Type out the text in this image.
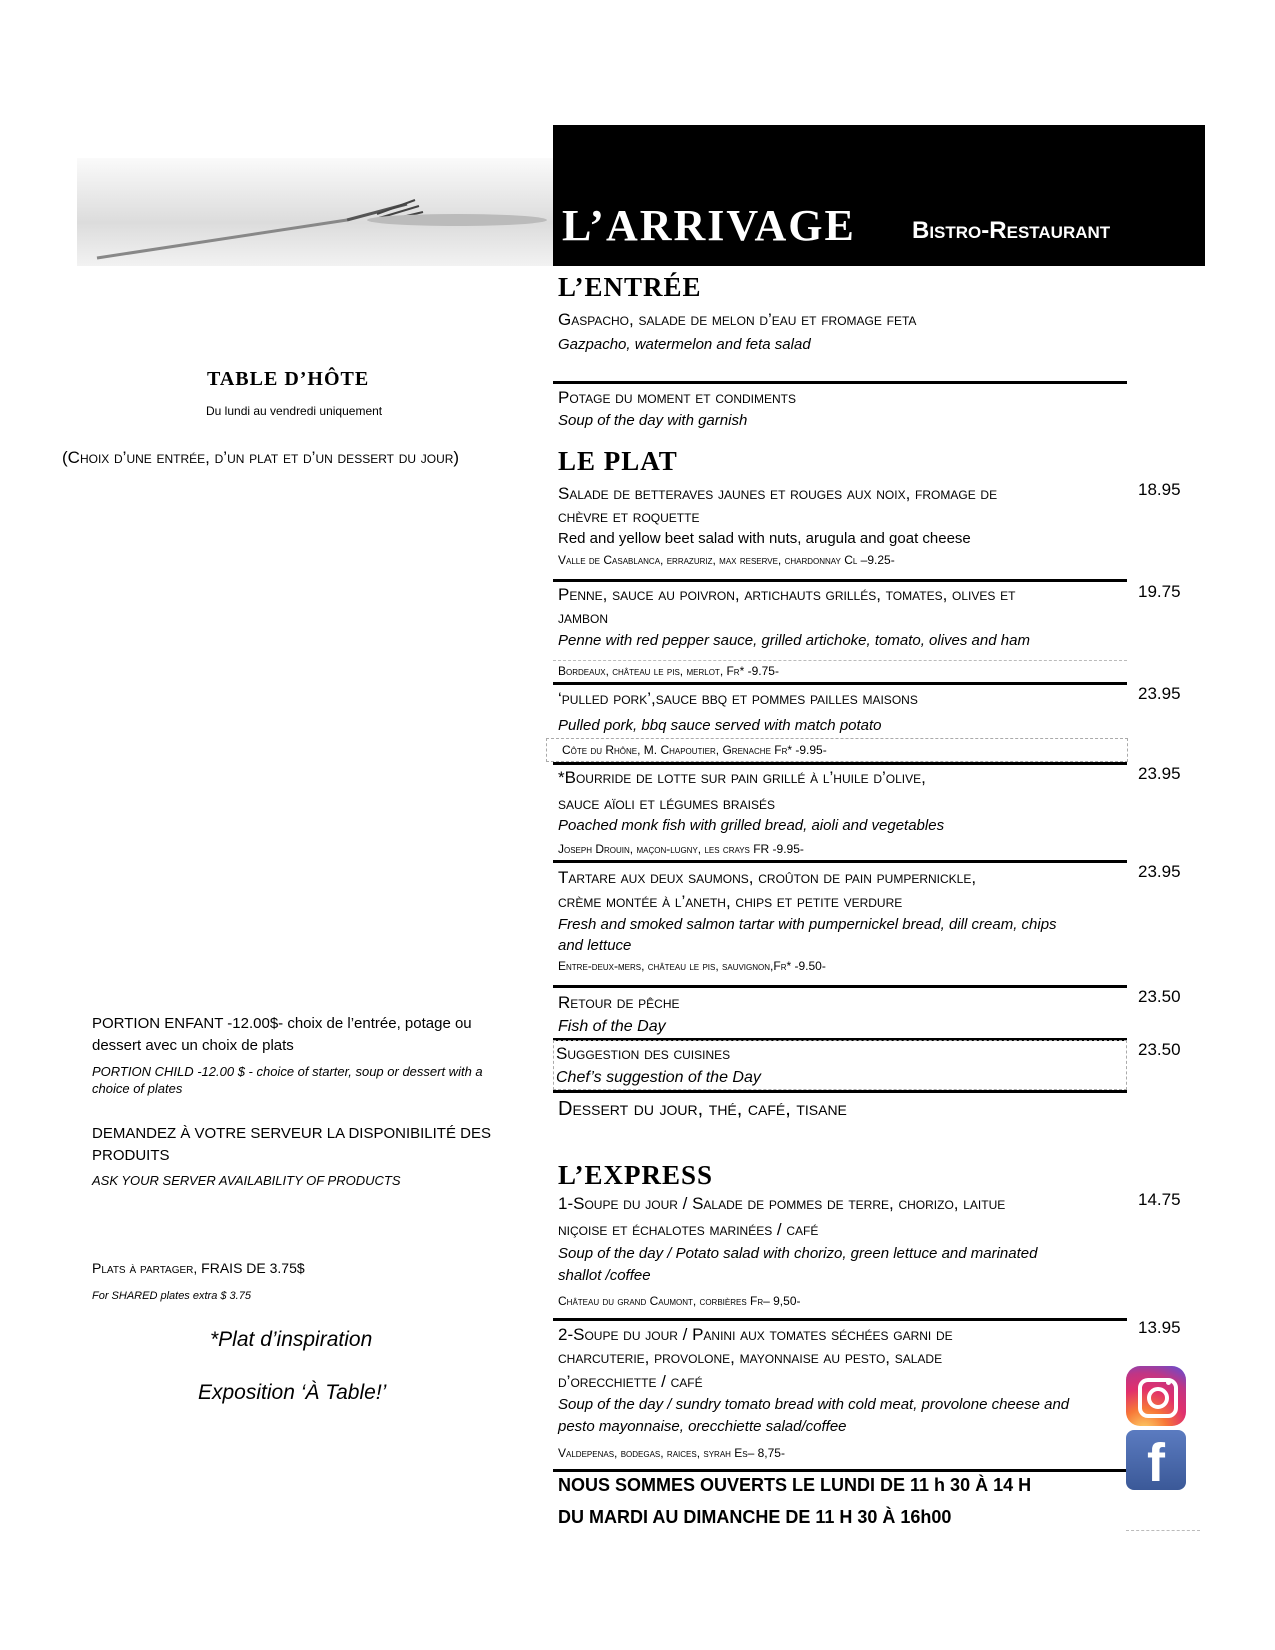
L’ARRIVAGE Bistro-Restaurant
TABLE D’HÔTE
Du lundi au vendredi uniquement
(Choix d’une entrée, d’un plat et d’un dessert du jour)
PORTION ENFANT -12.00$- choix de l’entrée, potage ou dessert avec un choix de plats
PORTION CHILD -12.00 $ - choice of starter, soup or dessert with a choice of plates
DEMANDEZ À VOTRE SERVEUR LA DISPONIBILITÉ DES PRODUITS
ASK YOUR SERVER AVAILABILITY OF PRODUCTS
Plats à partager, FRAIS DE 3.75$
For SHARED plates extra $ 3.75
*Plat d’inspiration
Exposition ‘À Table!’
L’ENTRÉE
Gaspacho, salade de melon d’eau et fromage feta
Gazpacho, watermelon and feta salad
Potage du moment et condiments
Soup of the day with garnish
LE PLAT
Salade de betteraves jaunes et rouges aux noix, fromage de
chèvre et roquette
Red and yellow beet salad with nuts, arugula and goat cheese
Valle de Casablanca, errazuriz, max reserve, chardonnay Cl –9.25-
18.95
Penne, sauce au poivron, artichauts grillés, tomates, olives et
jambon
Penne with red pepper sauce, grilled artichoke, tomato, olives and ham
Bordeaux, château le pis, merlot, Fr* -9.75-
19.75
‘pulled pork’,sauce bbq et pommes pailles maisons
Pulled pork, bbq sauce served with match potato
Côte du Rhône, M. Chapoutier, Grenache Fr* -9.95-
23.95
*Bourride de lotte sur pain grillé à l’huile d’olive,
sauce aïoli et légumes braisés
Poached monk fish with grilled bread, aioli and vegetables
Joseph Drouin, maçon-lugny, les crays FR -9.95-
23.95
Tartare aux deux saumons, croûton de pain pumpernickle,
crème montée à l’aneth, chips et petite verdure
Fresh and smoked salmon tartar with pumpernickel bread, dill cream, chips
and lettuce
Entre-deux-mers, château le pis, sauvignon,Fr* -9.50-
23.95
Retour de pêche
Fish of the Day
23.50
Suggestion des cuisines
Chef’s suggestion of the Day
23.50
Dessert du jour, thé, café, tisane
L’EXPRESS
1-Soupe du jour / Salade de pommes de terre, chorizo, laitue
niçoise et échalotes marinées / café
Soup of the day / Potato salad with chorizo, green lettuce and marinated
shallot /coffee
Château du grand Caumont, corbières Fr– 9,50-
14.75
2-Soupe du jour / Panini aux tomates séchées garni de
charcuterie, provolone, mayonnaise au pesto, salade
d’orecchiette / café
Soup of the day / sundry tomato bread with cold meat, provolone cheese and
pesto mayonnaise, orecchiette salad/coffee
Valdepenas, bodegas, raices, syrah Es– 8,75-
13.95
NOUS SOMMES OUVERTS LE LUNDI DE 11 h 30 À 14 H
DU MARDI AU DIMANCHE DE 11 H 30 À 16h00
f
